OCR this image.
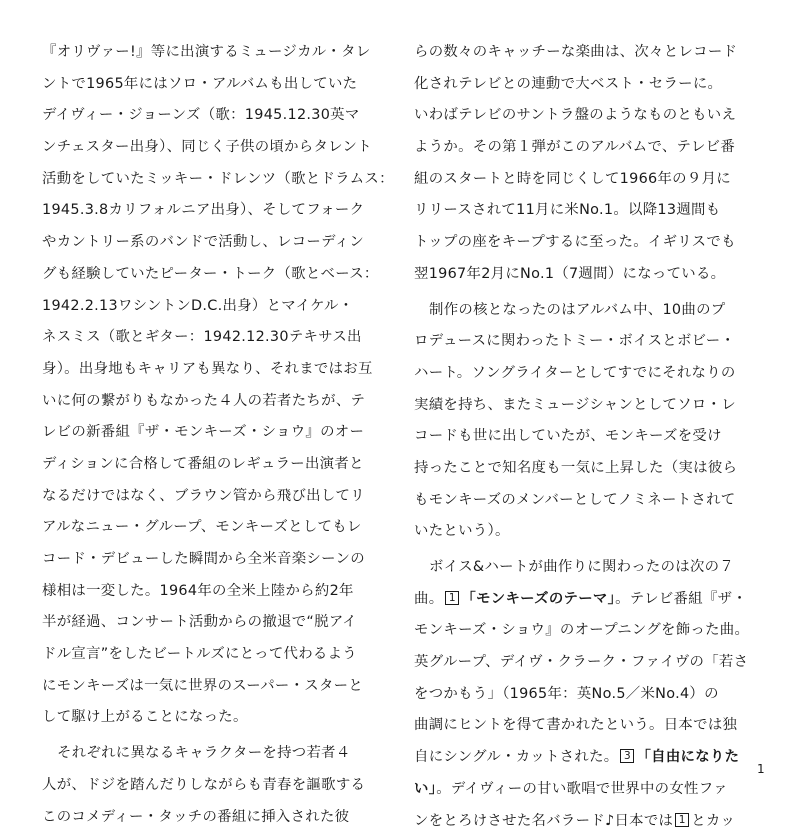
『オリヴァー!』等に出演するミュージカル・タレ
ントで1965年にはソロ・アルバムも出していた
デイヴィー・ジョーンズ（歌：1945.12.30英マ
ンチェスター出身）、同じく子供の頃からタレント
活動をしていたミッキー・ドレンツ（歌とドラムス：
1945.3.8カリフォルニア出身）、そしてフォーク
やカントリー系のバンドで活動し、レコーディン
グも経験していたピーター・トーク（歌とベース：
1942.2.13ワシントンD.C.出身）とマイケル・
ネスミス（歌とギター：1942.12.30テキサス出
身）。出身地もキャリアも異なり、それまではお互
いに何の繋がりもなかった４人の若者たちが、テ
レビの新番組『ザ・モンキーズ・ショウ』のオー
ディションに合格して番組のレギュラー出演者と
なるだけではなく、ブラウン管から飛び出してリ
アルなニュー・グループ、モンキーズとしてもレ
コード・デビューした瞬間から全米音楽シーンの
様相は一変した。1964年の全米上陸から約2年
半が経過、コンサート活動からの撤退で“脱アイ
ドル宣言”をしたビートルズにとって代わるよう
にモンキーズは一気に世界のスーパー・スターと
して駆け上がることになった。
それぞれに異なるキャラクターを持つ若者４
人が、ドジを踏んだりしながらも青春を謳歌する
このコメディー・タッチの番組に挿入された彼
らの数々のキャッチーな楽曲は、次々とレコード
化されテレビとの連動で大ベスト・セラーに。
いわばテレビのサントラ盤のようなものともいえ
ようか。その第１弾がこのアルバムで、テレビ番
組のスタートと時を同じくして1966年の９月に
リリースされて11月に米No.1。以降13週間も
トップの座をキープするに至った。イギリスでも
翌1967年2月にNo.1（7週間）になっている。
制作の核となったのはアルバム中、10曲のプ
ロデュースに関わったトミー・ボイスとボビー・
ハート。ソングライターとしてすでにそれなりの
実績を持ち、またミュージシャンとしてソロ・レ
コードも世に出していたが、モンキーズを受け
持ったことで知名度も一気に上昇した（実は彼ら
もモンキーズのメンバーとしてノミネートされて
いたという）。
ボイス&ハートが曲作りに関わったのは次の７
曲。 1 「モンキーズのテーマ」。テレビ番組『ザ・
モンキーズ・ショウ』のオープニングを飾った曲。
英グループ、デイヴ・クラーク・ファイヴの「若さ
をつかもう」（1965年：英No.5／米No.4）の
曲調にヒントを得て書かれたという。日本では独
自にシングル・カットされた。 3 「自由になりた
い」。デイヴィーの甘い歌唱で世界中の女性ファ
ンをとろけさせた名バラード♪日本では 1 とカッ
1
